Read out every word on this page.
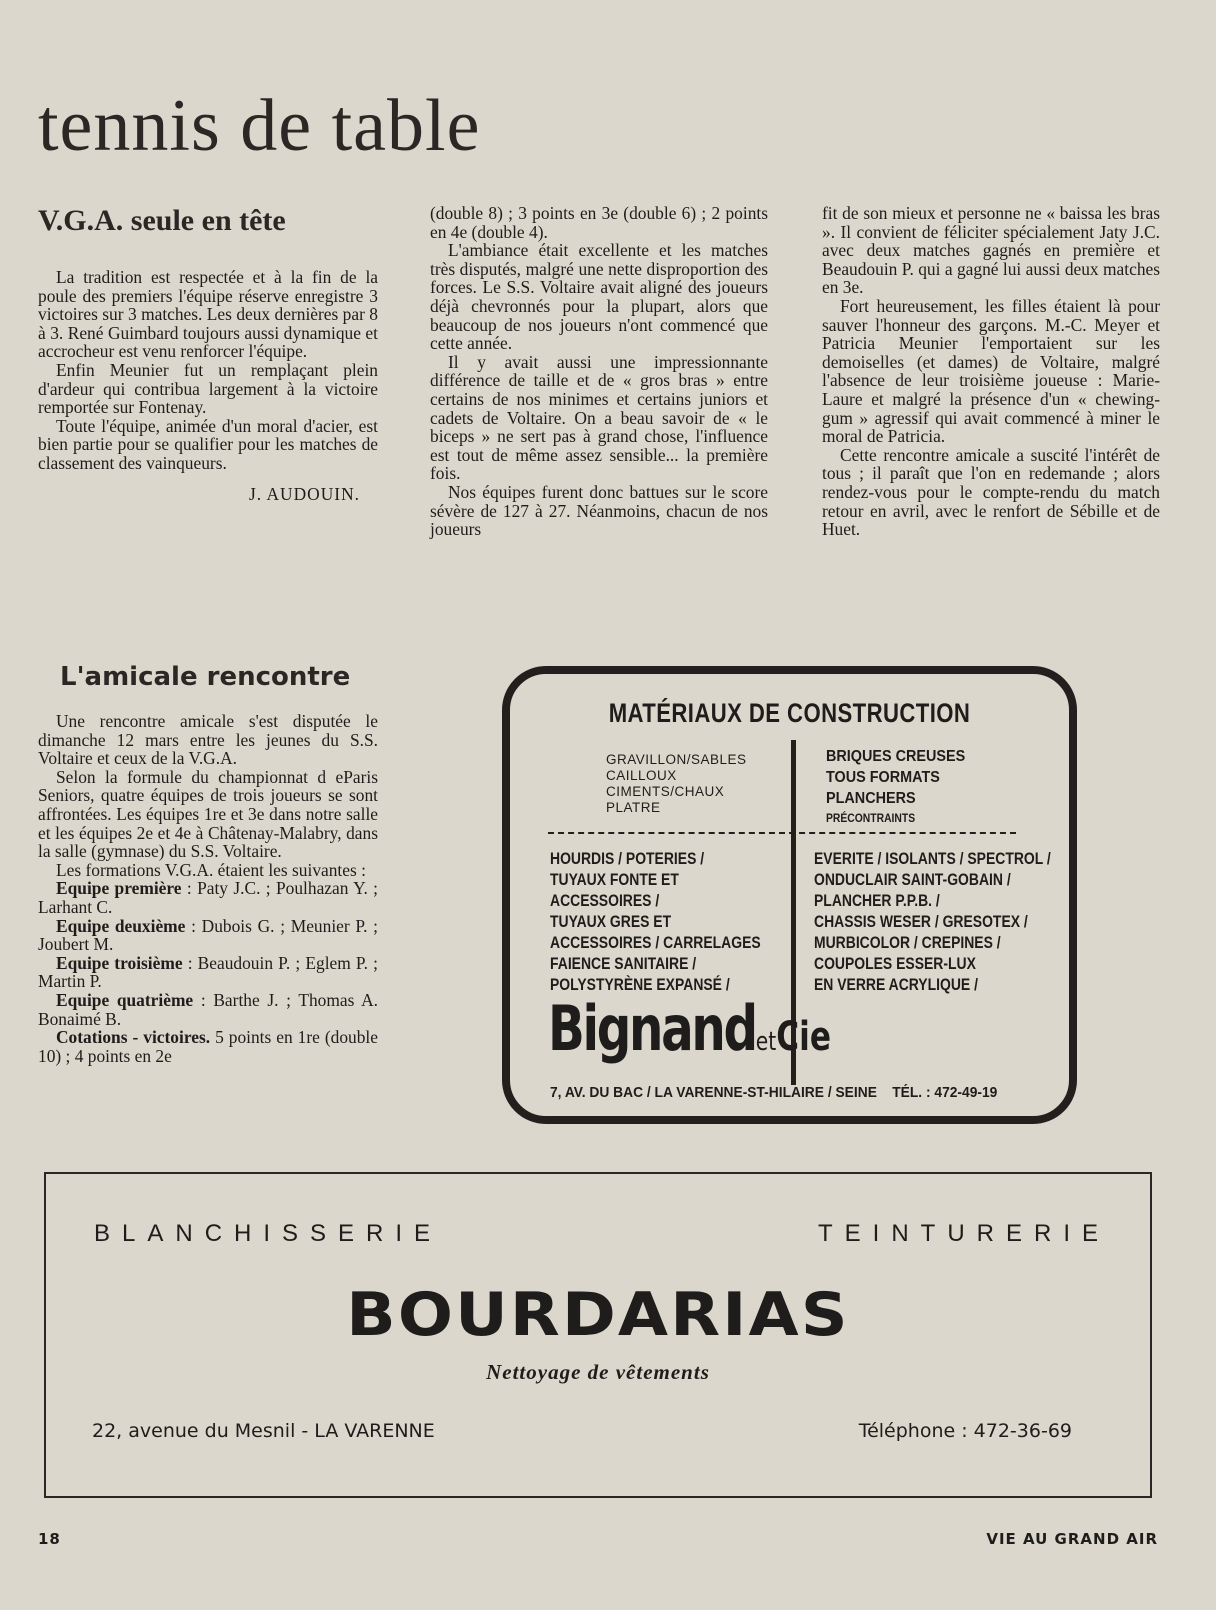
tennis de table
V.G.A. seule en tête

La tradition est respectée et à la fin de la poule des premiers l'équipe réserve enregistre 3 victoires sur 3 matches. Les deux dernières par 8 à 3. René Guimbard toujours aussi dynamique et accrocheur est venu renforcer l'équipe.

Enfin Meunier fut un remplaçant plein d'ardeur qui contribua largement à la victoire remportée sur Fontenay.

Toute l'équipe, animée d'un moral d'acier, est bien partie pour se qualifier pour les matches de classement des vainqueurs.

J. AUDOUIN.

(double 8) ; 3 points en 3e (double 6) ; 2 points en 4e (double 4).

L'ambiance était excellente et les matches très disputés, malgré une nette disproportion des forces. Le S.S. Voltaire avait aligné des joueurs déjà chevronnés pour la plupart, alors que beaucoup de nos joueurs n'ont commencé que cette année.

Il y avait aussi une impressionnante différence de taille et de « gros bras » entre certains de nos minimes et certains juniors et cadets de Voltaire. On a beau savoir de « le biceps » ne sert pas à grand chose, l'influence est tout de même assez sensible... la première fois.

Nos équipes furent donc battues sur le score sévère de 127 à 27. Néanmoins, chacun de nos joueurs

fit de son mieux et personne ne « baissa les bras ». Il convient de féliciter spécialement Jaty J.C. avec deux matches gagnés en première et Beaudouin P. qui a gagné lui aussi deux matches en 3e.

Fort heureusement, les filles étaient là pour sauver l'honneur des garçons. M.-C. Meyer et Patricia Meunier l'emportaient sur les demoiselles (et dames) de Voltaire, malgré l'absence de leur troisième joueuse : Marie-Laure et malgré la présence d'un « chewing-gum » agressif qui avait commencé à miner le moral de Patricia.

Cette rencontre amicale a suscité l'intérêt de tous ; il paraît que l'on en redemande ; alors rendez-vous pour le compte-rendu du match retour en avril, avec le renfort de Sébille et de Huet.

L'amicale rencontre

Une rencontre amicale s'est disputée le dimanche 12 mars entre les jeunes du S.S. Voltaire et ceux de la V.G.A.

Selon la formule du championnat d eParis Seniors, quatre équipes de trois joueurs se sont affrontées. Les équipes 1re et 3e dans notre salle et les équipes 2e et 4e à Châtenay-Malabry, dans la salle (gymnase) du S.S. Voltaire.

Les formations V.G.A. étaient les suivantes :

Equipe première : Paty J.C. ; Poulhazan Y. ; Larhant C.

Equipe deuxième : Dubois G. ; Meunier P. ; Joubert M.

Equipe troisième : Beaudouin P. ; Eglem P. ; Martin P.

Equipe quatrième : Barthe J. ; Thomas A. Bonaimé B.

Cotations - victoires. 5 points en 1re (double 10) ; 4 points en 2e

MATÉRIAUX DE CONSTRUCTION
GRAVILLON/SABLES
CAILLOUX
CIMENTS/CHAUX
PLATRE
BRIQUES CREUSES
TOUS FORMATS
PLANCHERS
PRÉCONTRAINTS
HOURDIS / POTERIES /
TUYAUX FONTE ET
ACCESSOIRES /
TUYAUX GRES ET
ACCESSOIRES / CARRELAGES
FAIENCE SANITAIRE /
POLYSTYRÈNE EXPANSÉ /
EVERITE / ISOLANTS / SPECTROL /
ONDUCLAIR SAINT-GOBAIN /
PLANCHER P.P.B. /
CHASSIS WESER / GRESOTEX /
MURBICOLOR / CREPINES /
COUPOLES ESSER-LUX
EN VERRE ACRYLIQUE /
BignandetCie
7, AV. DU BAC / LA VARENNE-ST-HILAIRE / SEINE TÉL. : 472-49-19
BLANCHISSERIE	TEINTURERIE
BOURDARIAS
Nettoyage de vêtements
22, avenue du Mesnil - LA VARENNE	Téléphone : 472-36-69
18	VIE AU GRAND AIR
